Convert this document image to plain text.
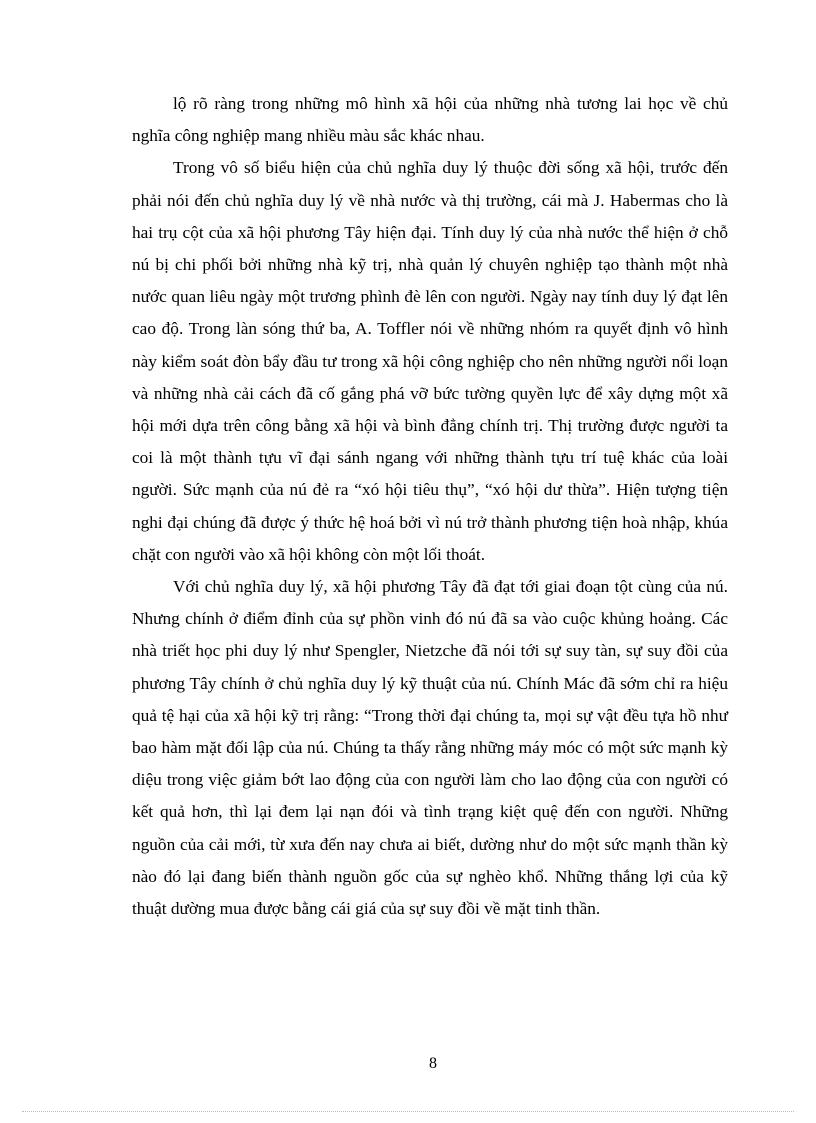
lộ rõ ràng trong những mô hình xã hội của những nhà tương lai học về chủ nghĩa công nghiệp mang nhiều màu sắc khác nhau.

Trong vô số biểu hiện của chủ nghĩa duy lý thuộc đời sống xã hội, trước đến phải nói đến chủ nghĩa duy lý về nhà nước và thị trường, cái mà J. Habermas cho là hai trụ cột của xã hội phương Tây hiện đại. Tính duy lý của nhà nước thể hiện ở chỗ nú bị chi phối bởi những nhà kỹ trị, nhà quản lý chuyên nghiệp tạo thành một nhà nước quan liêu ngày một trương phình đè lên con người. Ngày nay tính duy lý đạt lên cao độ. Trong làn sóng thứ ba, A. Toffler nói về những nhóm ra quyết định vô hình này kiểm soát đòn bẩy đầu tư trong xã hội công nghiệp cho nên những người nổi loạn và những nhà cải cách đã cố gắng phá vỡ bức tường quyền lực để xây dựng một xã hội mới dựa trên công bằng xã hội và bình đẳng chính trị. Thị trường được người ta coi là một thành tựu vĩ đại sánh ngang với những thành tựu trí tuệ khác của loài người. Sức mạnh của nú đẻ ra “xó hội tiêu thụ”, “xó hội dư thừa”. Hiện tượng tiện nghi đại chúng đã được ý thức hệ hoá bởi vì nú trở thành phương tiện hoà nhập, khúa chặt con người vào xã hội không còn một lối thoát.

Với chủ nghĩa duy lý, xã hội phương Tây đã đạt tới giai đoạn tột cùng của nú. Nhưng chính ở điểm đỉnh của sự phồn vinh đó nú đã sa vào cuộc khủng hoảng. Các nhà triết học phi duy lý như Spengler, Nietzche đã nói tới sự suy tàn, sự suy đồi của phương Tây chính ở chủ nghĩa duy lý kỹ thuật của nú. Chính Mác đã sớm chỉ ra hiệu quả tệ hại của xã hội kỹ trị rằng: “Trong thời đại chúng ta, mọi sự vật đều tựa hồ như bao hàm mặt đối lập của nú. Chúng ta thấy rằng những máy móc có một sức mạnh kỳ diệu trong việc giảm bớt lao động của con người làm cho lao động của con người có kết quả hơn, thì lại đem lại nạn đói và tình trạng kiệt quệ đến con người. Những nguồn của cải mới, từ xưa đến nay chưa ai biết, dường như do một sức mạnh thần kỳ nào đó lại đang biến thành nguồn gốc của sự nghèo khổ. Những thắng lợi của kỹ thuật dường mua được bằng cái giá của sự suy đồi về mặt tinh thần.

8
